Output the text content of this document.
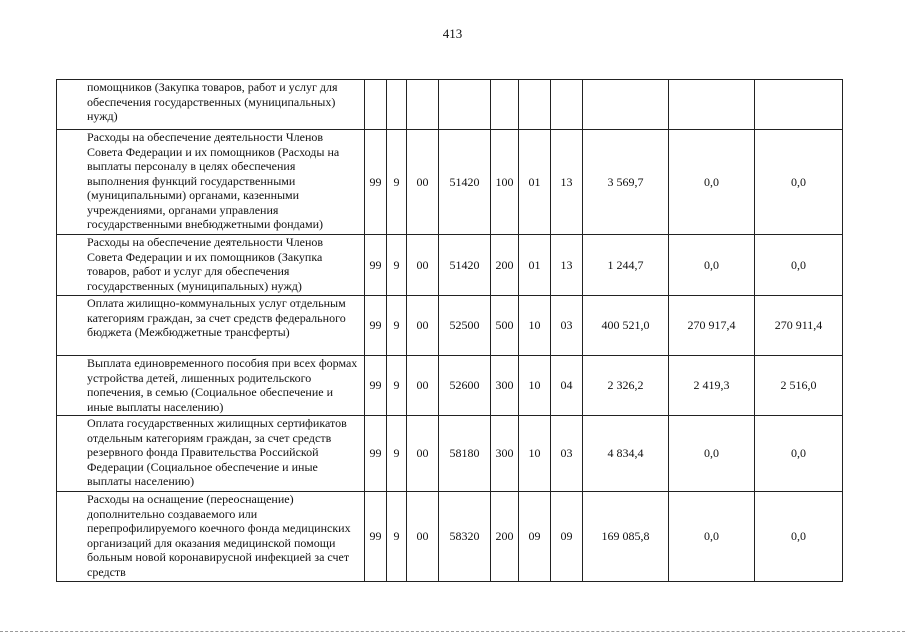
413
	помощников (Закупка товаров, работ и услуг для обеспечения государственных (муниципальных) нужд)										
	Расходы на обеспечение деятельности Членов Совета Федерации и их помощников (Расходы на выплаты персоналу в целях обеспечения выполнения функций государственными (муниципальными) органами, казенными учреждениями, органами управления государственными внебюджетными фондами)	99	9	00	51420	100	01	13	3 569,7	0,0	0,0
	Расходы на обеспечение деятельности Членов Совета Федерации и их помощников (Закупка товаров, работ и услуг для обеспечения государственных (муниципальных) нужд)	99	9	00	51420	200	01	13	1 244,7	0,0	0,0
	Оплата жилищно-коммунальных услуг отдельным категориям граждан, за счет средств федерального бюджета (Межбюджетные трансферты)	99	9	00	52500	500	10	03	400 521,0	270 917,4	270 911,4
	Выплата единовременного пособия при всех формах устройства детей, лишенных родительского попечения, в семью (Социальное обеспечение и иные выплаты населению)	99	9	00	52600	300	10	04	2 326,2	2 419,3	2 516,0
	Оплата государственных жилищных сертификатов отдельным категориям граждан, за счет средств резервного фонда Правительства Российской Федерации (Социальное обеспечение и иные выплаты населению)	99	9	00	58180	300	10	03	4 834,4	0,0	0,0
	Расходы на оснащение (переоснащение) дополнительно создаваемого или перепрофилируемого коечного фонда медицинских организаций для оказания медицинской помощи больным новой коронавирусной инфекцией за счет средств	99	9	00	58320	200	09	09	169 085,8	0,0	0,0
